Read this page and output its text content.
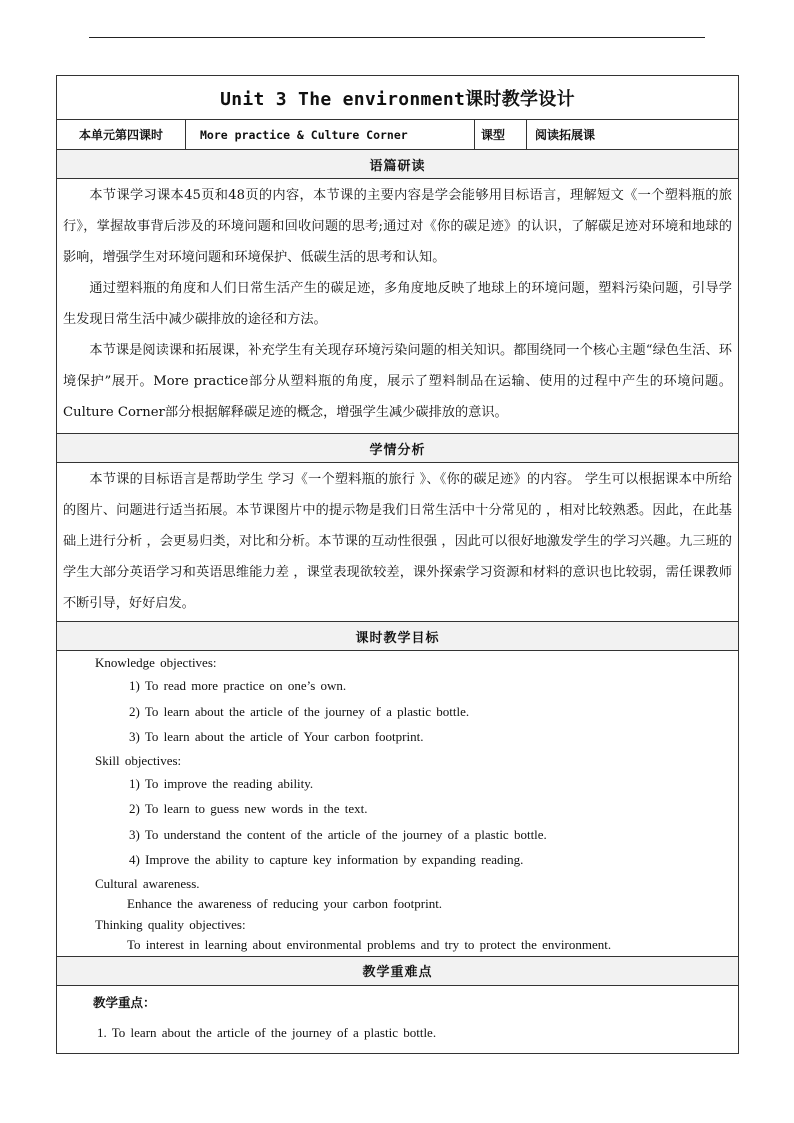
Unit 3 The environment课时教学设计
本单元第四课时	More practice & Culture Corner	课型	阅读拓展课
语篇研读

本节课学习课本45页和48页的内容，本节课的主要内容是学会能够用目标语言，理解短文《一个塑料瓶的旅行》，掌握故事背后涉及的环境问题和回收问题的思考;通过对《你的碳足迹》的认识，了解碳足迹对环境和地球的影响，增强学生对环境问题和环境保护、低碳生活的思考和认知。

通过塑料瓶的角度和人们日常生活产生的碳足迹，多角度地反映了地球上的环境问题，塑料污染问题，引导学生发现日常生活中减少碳排放的途径和方法。

本节课是阅读课和拓展课，补充学生有关现存环境污染问题的相关知识。都围绕同一个核心主题“绿色生活、环境保护”展开。More practice部分从塑料瓶的角度，展示了塑料制品在运输、使用的过程中产生的环境问题。Culture Corner部分根据解释碳足迹的概念，增强学生减少碳排放的意识。

学情分析

本节课的目标语言是帮助学生 学习《一个塑料瓶的旅行 》、《你的碳足迹》的内容。 学生可以根据课本中所给的图片、问题进行适当拓展。本节课图片中的提示物是我们日常生活中十分常见的 ，相对比较熟悉。因此，在此基础上进行分析 ，会更易归类，对比和分析。本节课的互动性很强 ，因此可以很好地激发学生的学习兴趣。九三班的学生大部分英语学习和英语思维能力差 ，课堂表现欲较差，课外探索学习资源和材料的意识也比较弱，需任课教师不断引导，好好启发。

课时教学目标

Knowledge objectives:
1) To read more practice on one’s own.
2) To learn about the article of the journey of a plastic bottle.
3) To learn about the article of Your carbon footprint.
Skill objectives:
1) To improve the reading ability.
2) To learn to guess new words in the text.
3) To understand the content of the article of the journey of a plastic bottle.
4) Improve the ability to capture key information by expanding reading.
Cultural awareness.
Enhance the awareness of reducing your carbon footprint.
Thinking quality objectives:
To interest in learning about environmental problems and try to protect the environment.

教学重难点

教学重点：
1. To learn about the article of the journey of a plastic bottle.
